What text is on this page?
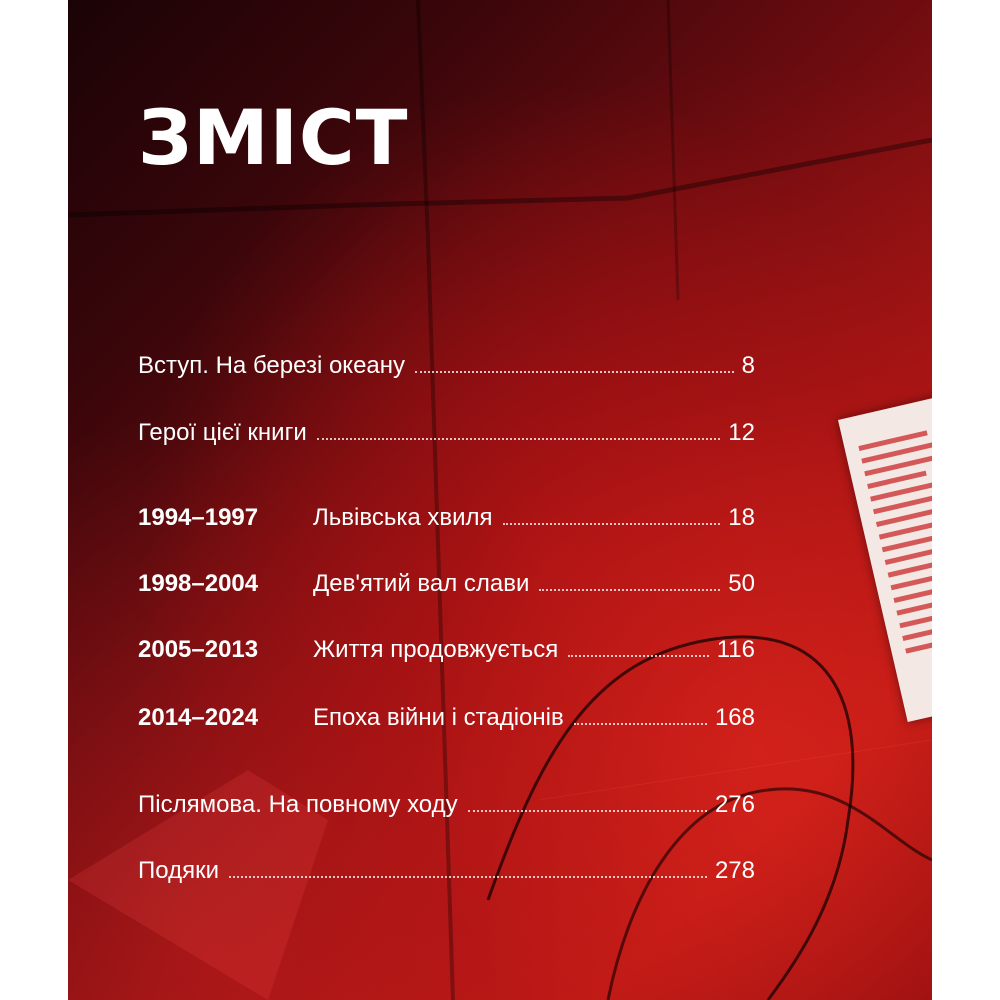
ЗМІСТ
Вступ. На березі океану	8
Герої цієї книги	12
1994–1997	Львівська хвиля	18
1998–2004	Дев'ятий вал слави	50
2005–2013	Життя продовжується	116
2014–2024	Епоха війни і стадіонів	168
Післямова. На повному ходу	276
Подяки	278
